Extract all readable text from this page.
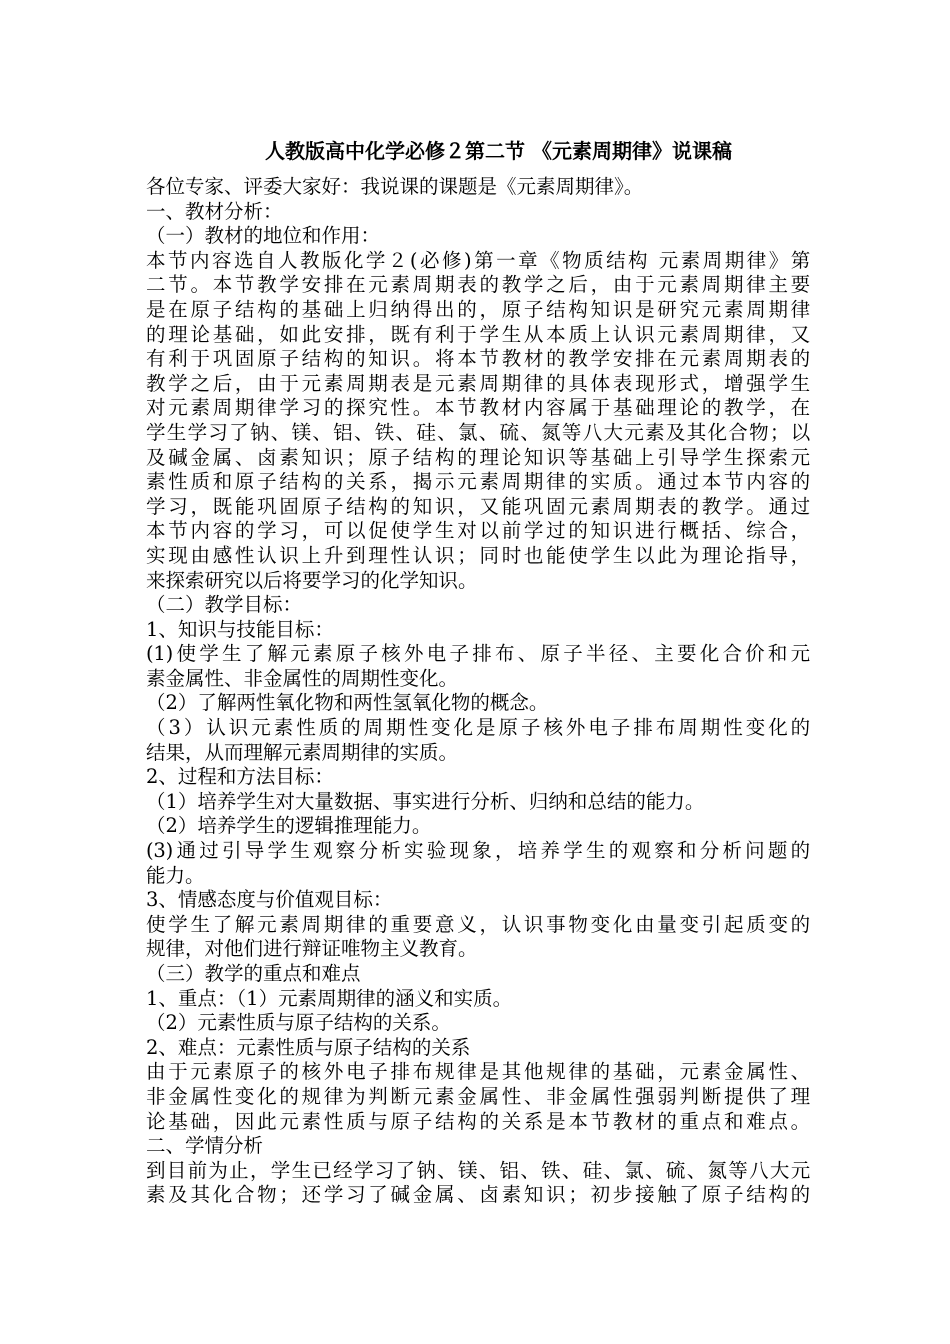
人教版高中化学必修２第二节 《元素周期律》说课稿
各位专家、评委大家好：我说课的课题是《元素周期律》。
一、教材分析：
（一）教材的地位和作用：
本节内容选自人教版化学２(必修)第一章《物质结构 元素周期律》第
二节。本节教学安排在元素周期表的教学之后，由于元素周期律主要
是在原子结构的基础上归纳得出的，原子结构知识是研究元素周期律
的理论基础，如此安排，既有利于学生从本质上认识元素周期律，又
有利于巩固原子结构的知识。将本节教材的教学安排在元素周期表的
教学之后，由于元素周期表是元素周期律的具体表现形式，增强学生
对元素周期律学习的探究性。本节教材内容属于基础理论的教学，在
学生学习了钠、镁、铝、铁、硅、氯、硫、氮等八大元素及其化合物；以
及碱金属、卤素知识；原子结构的理论知识等基础上引导学生探索元
素性质和原子结构的关系，揭示元素周期律的实质。通过本节内容的
学习，既能巩固原子结构的知识，又能巩固元素周期表的教学。通过
本节内容的学习，可以促使学生对以前学过的知识进行概括、综合，
实现由感性认识上升到理性认识；同时也能使学生以此为理论指导，
来探索研究以后将要学习的化学知识。
（二）教学目标：
1、知识与技能目标：
(1)使学生了解元素原子核外电子排布、原子半径、主要化合价和元
素金属性、非金属性的周期性变化。
（2）了解两性氧化物和两性氢氧化物的概念。
（3）认识元素性质的周期性变化是原子核外电子排布周期性变化的
结果，从而理解元素周期律的实质。
2、过程和方法目标：
（1）培养学生对大量数据、事实进行分析、归纳和总结的能力。
（2）培养学生的逻辑推理能力。
(3)通过引导学生观察分析实验现象，培养学生的观察和分析问题的
能力。
3、情感态度与价值观目标：
使学生了解元素周期律的重要意义，认识事物变化由量变引起质变的
规律，对他们进行辩证唯物主义教育。
（三）教学的重点和难点
1、重点：（1）元素周期律的涵义和实质。
（2）元素性质与原子结构的关系。
2、难点：元素性质与原子结构的关系
由于元素原子的核外电子排布规律是其他规律的基础，元素金属性、
非金属性变化的规律为判断元素金属性、非金属性强弱判断提供了理
论基础，因此元素性质与原子结构的关系是本节教材的重点和难点。
二、学情分析
到目前为止，学生已经学习了钠、镁、铝、铁、硅、氯、硫、氮等八大元
素及其化合物；还学习了碱金属、卤素知识；初步接触了原子结构的
